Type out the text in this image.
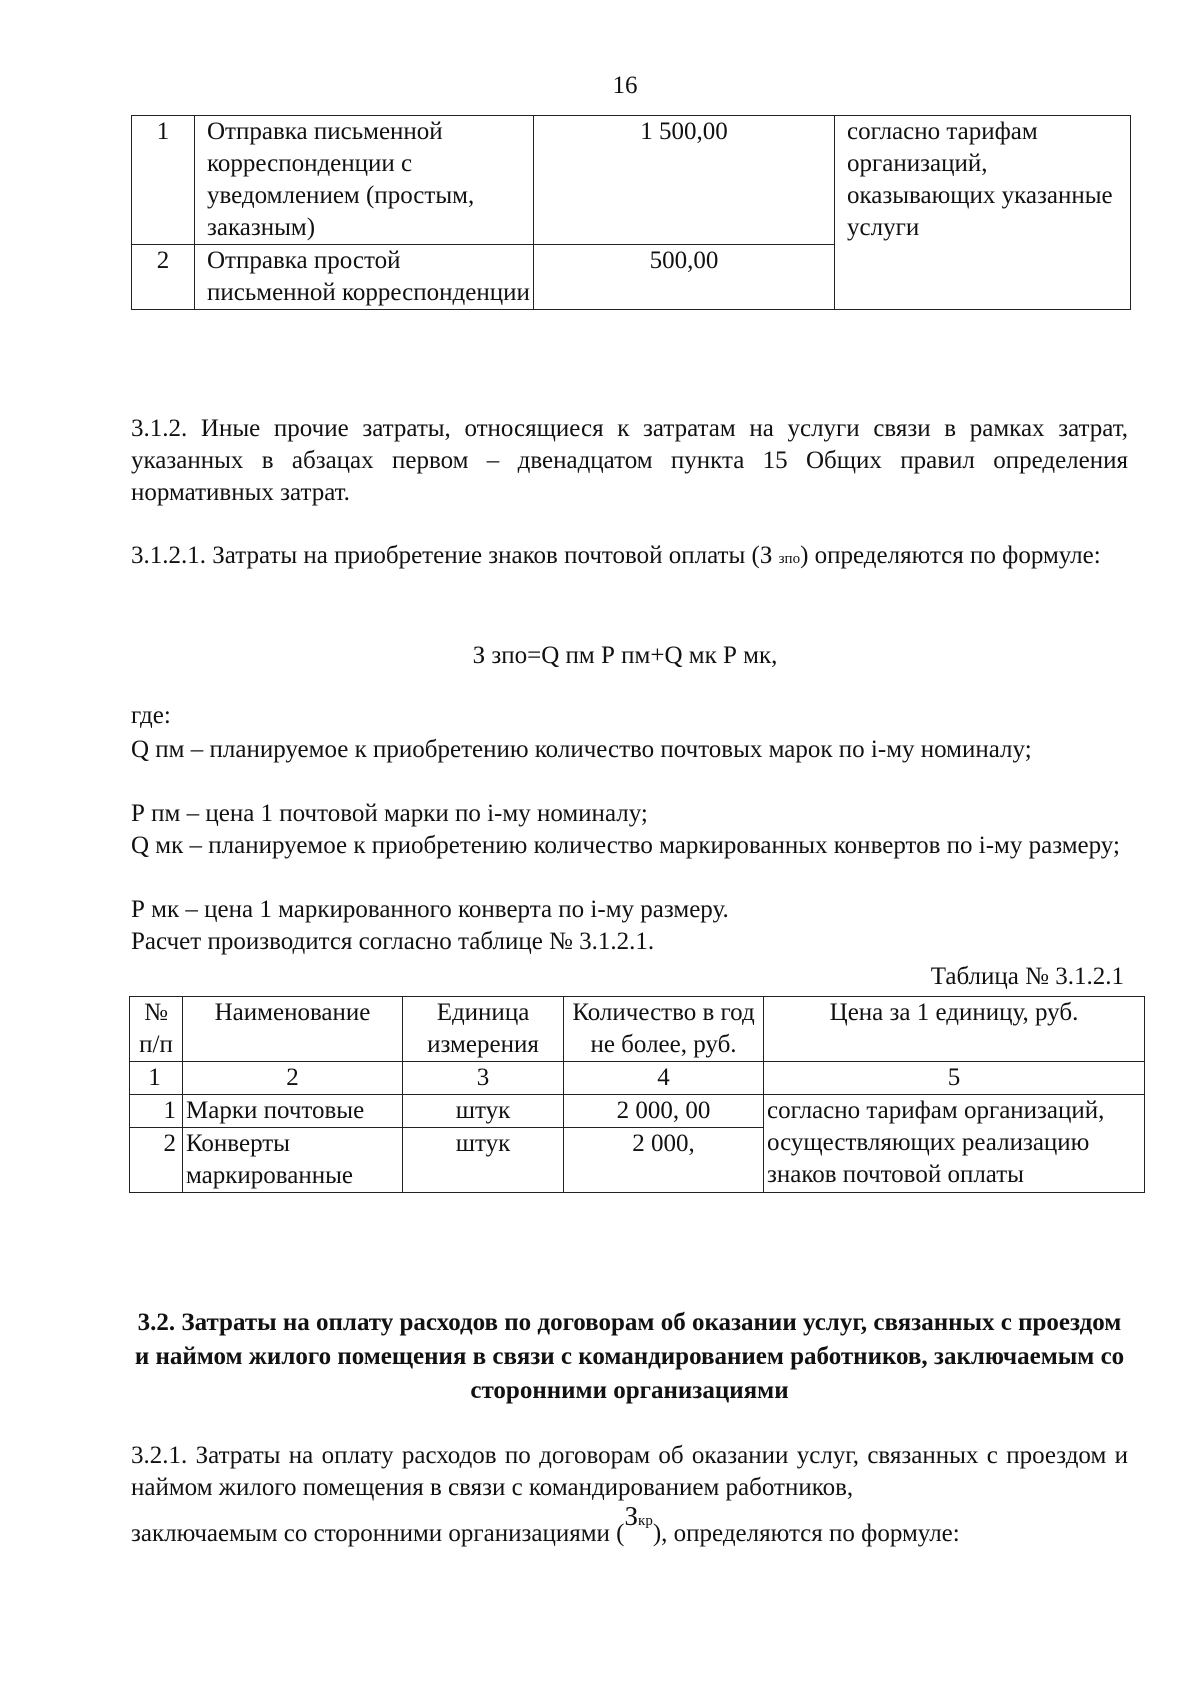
16
1	Отправка письменной корреспонденции с уведомлением (простым, заказным)	1 500,00	согласно тарифам организаций, оказывающих указанные услуги
2	Отправка простой письменной корреспонденции	500,00	
3.1.2. Иные прочие затраты, относящиеся к затратам на услуги связи в рамках затрат, указанных в абзацах первом – двенадцатом пункта 15 Общих правил определения нормативных затрат.
3.1.2.1. Затраты на приобретение знаков почтовой оплаты (З зпо) определяются по формуле:
З зпо=Q пм Р пм+Q мк Р мк,
где:
Q пм – планируемое к приобретению количество почтовых марок по i-му номиналу;
Р пм – цена 1 почтовой марки по i-му номиналу;
Q мк – планируемое к приобретению количество маркированных конвертов по i-му размеру;
Р мк – цена 1 маркированного конверта по i-му размеру.
Расчет производится согласно таблице № 3.1.2.1.
Таблица № 3.1.2.1
№ п/п	Наименование	Единица измерения	Количество в год не более, руб.	Цена за 1 единицу, руб.
1	2	3	4	5
1	Марки почтовые	штук	2 000, 00	согласно тарифам организаций, осуществляющих реализацию знаков почтовой оплаты
2	Конверты маркированные	штук	2 000,	
3.2. Затраты на оплату расходов по договорам об оказании услуг, связанных с проездом и наймом жилого помещения в связи с командированием работников, заключаемым со сторонними организациями
3.2.1. Затраты на оплату расходов по договорам об оказании услуг, связанных с проездом и наймом жилого помещения в связи с командированием работников,
заключаемым со сторонними организациями $(З_{кр})$, определяются по формуле:
